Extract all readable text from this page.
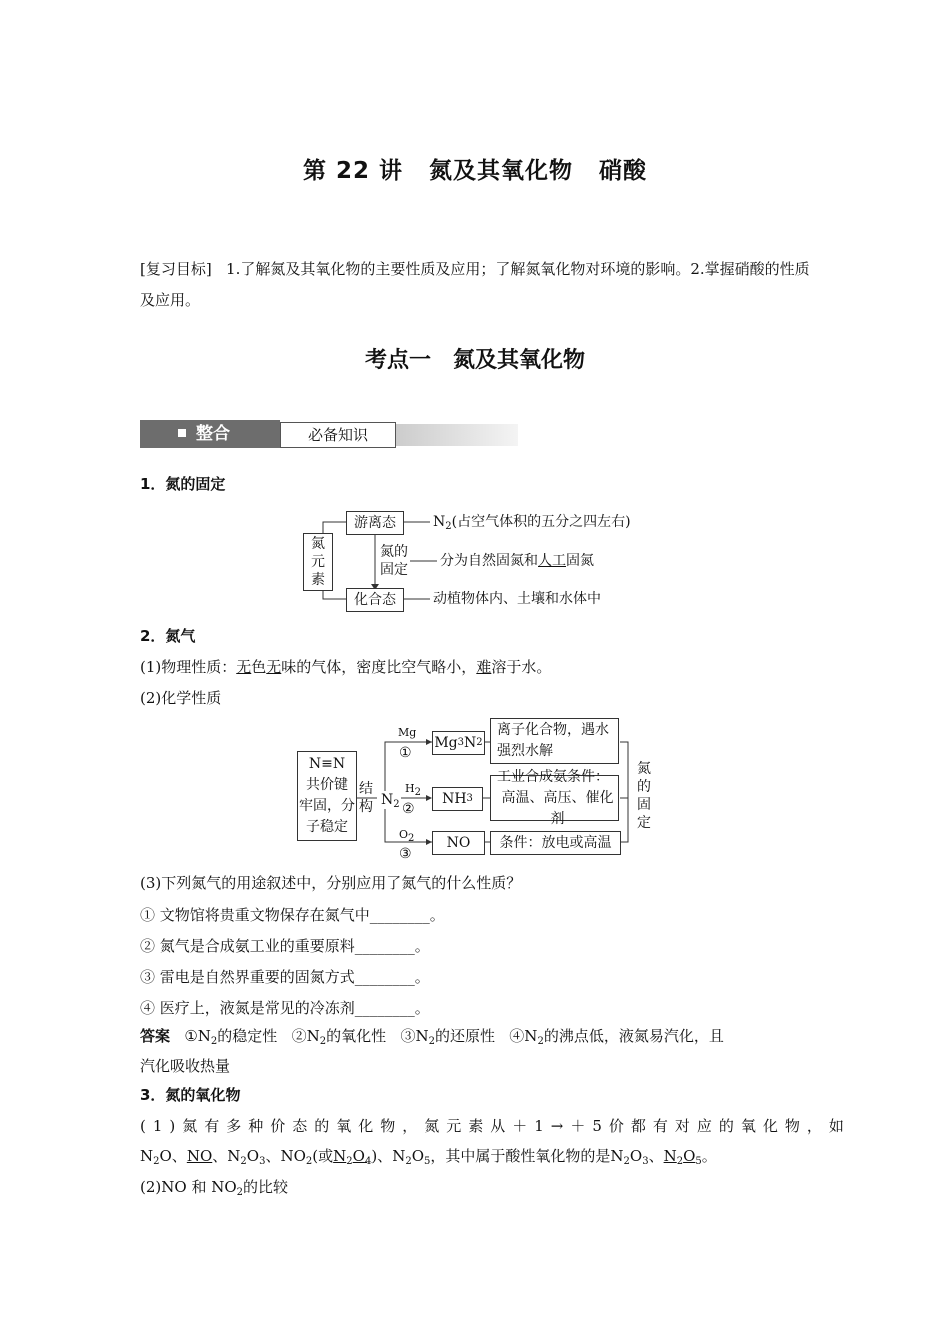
第 22 讲 氮及其氧化物 硝酸
[复习目标] 1.了解氮及其氧化物的主要性质及应用；了解氮氧化物对环境的影响。2.掌握硝酸的性质及应用。
考点一 氮及其氧化物
整合	必备知识
1．氮的固定
氮
元
素
游离态
化合态
氮的
固定
$N_2$(占空气体积的五分之四左右)
分为自然固氮和人工固氮
动植物体内、土壤和水体中
2．氮气
(1)物理性质：无色无味的气体，密度比空气略小，难溶于水。
(2)化学性质
N≡N
共价键
牢固，分
子稳定
结
构 $N_2$
Mg
①
$H_2$
②
$O_2$
③
Mg 3 N 2
NH 3
NO
离子化合物，遇水
强烈水解
工业合成氨条件：
高温、高压、催化剂
条件：放电或高温
氮
的
固
定
(3)下列氮气的用途叙述中，分别应用了氮气的什么性质？
① 文物馆将贵重文物保存在氮气中________。
② 氮气是合成氨工业的重要原料________。
③ 雷电是自然界重要的固氮方式________。
④ 医疗上，液氮是常见的冷冻剂________。
答案 $①N_2$的稳定性 $②N_2$的氧化性 $③N_2$的还原性 $④N_2$的沸点低，液氮易汽化，且
汽化吸收热量
3．氮的氧化物
(1)氮有多种价态的氧化物，氮元素从＋1→＋5价都有对应的氧化物，如
$N_2O$、NO、$N_2O_3$、$NO_2$(或$N_2O_4$)、$N_2O_5$，其中属于酸性氧化物的是$N_2O_3$、$N_2O_5$。
(2)NO 和 $NO_2$的比较
